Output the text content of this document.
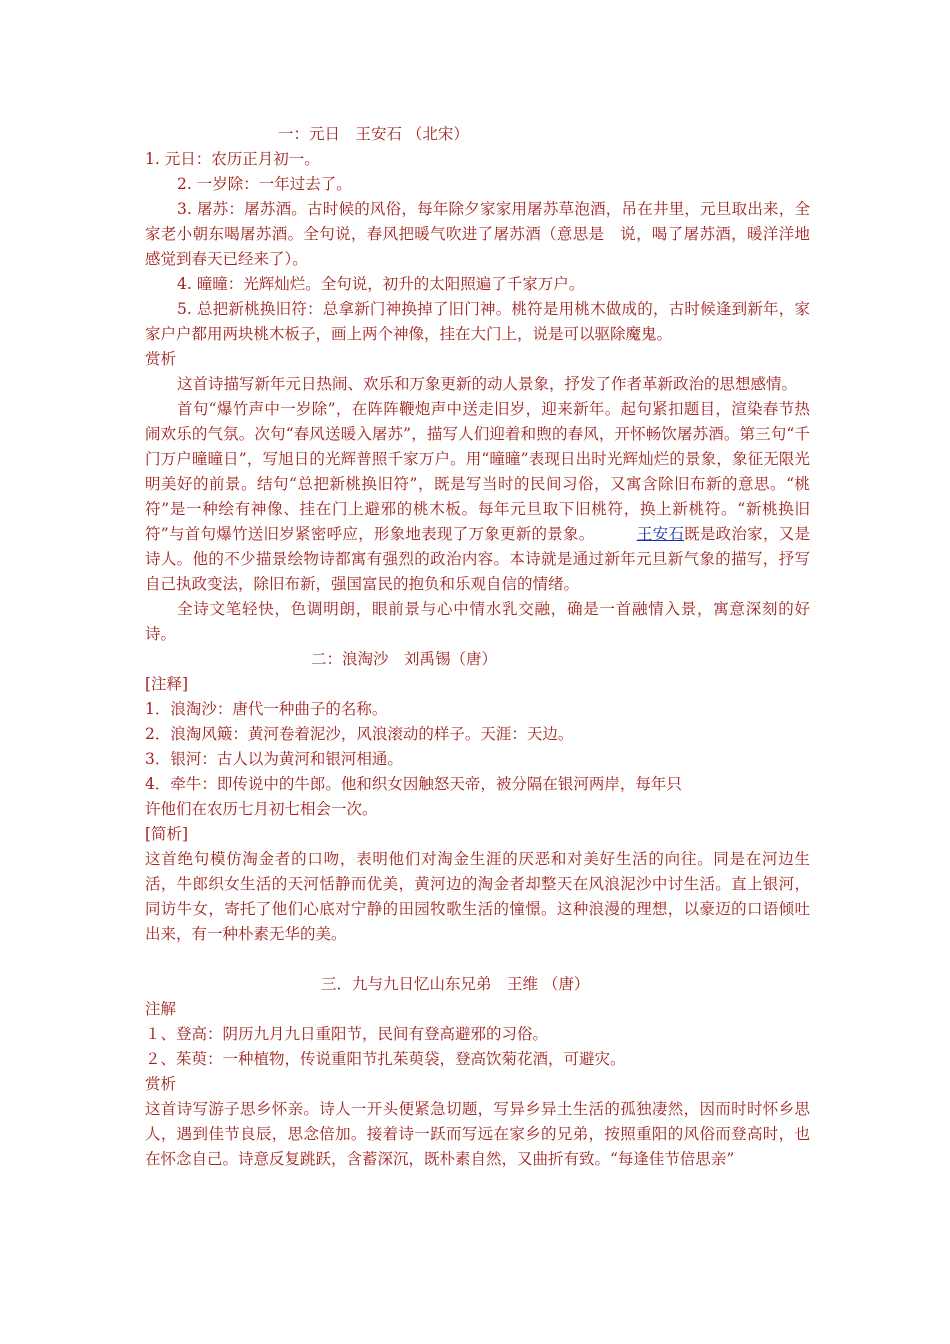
一：元日　王安石 （北宋）

1. 元日：农历正月初一。

2. 一岁除：一年过去了。

3. 屠苏：屠苏酒。古时候的风俗，每年除夕家家用屠苏草泡酒，吊在井里，元旦取出来，全家老小朝东喝屠苏酒。全句说，春风把暖气吹进了屠苏酒（意思是　说，喝了屠苏酒，暖洋洋地感觉到春天已经来了）。

4. 曈曈：光辉灿烂。全句说，初升的太阳照遍了千家万户。

5. 总把新桃换旧符：总拿新门神换掉了旧门神。桃符是用桃木做成的，古时候逢到新年，家家户户都用两块桃木板子，画上两个神像，挂在大门上，说是可以驱除魔鬼。

赏析

这首诗描写新年元日热闹、欢乐和万象更新的动人景象，抒发了作者革新政治的思想感情。

首句“爆竹声中一岁除”，在阵阵鞭炮声中送走旧岁，迎来新年。起句紧扣题目，渲染春节热闹欢乐的气氛。次句“春风送暖入屠苏”，描写人们迎着和煦的春风，开怀畅饮屠苏酒。第三句“千门万户曈曈日”，写旭日的光辉普照千家万户。用“曈曈”表现日出时光辉灿烂的景象，象征无限光明美好的前景。结句“总把新桃换旧符”，既是写当时的民间习俗，又寓含除旧布新的意思。“桃符”是一种绘有神像、挂在门上避邪的桃木板。每年元旦取下旧桃符，换上新桃符。“新桃换旧符”与首句爆竹送旧岁紧密呼应，形象地表现了万象更新的景象。	王安石既是政治家，又是诗人。他的不少描景绘物诗都寓有强烈的政治内容。本诗就是通过新年元旦新气象的描写，抒写自己执政变法，除旧布新，强国富民的抱负和乐观自信的情绪。

全诗文笔轻快，色调明朗，眼前景与心中情水乳交融，确是一首融情入景，寓意深刻的好诗。

二：浪淘沙　刘禹锡（唐）

[注释]

1．浪淘沙：唐代一种曲子的名称。

2．浪淘风簸：黄河卷着泥沙，风浪滚动的样子。天涯：天边。

3．银河：古人以为黄河和银河相通。

4．牵牛：即传说中的牛郎。他和织女因触怒天帝，被分隔在银河两岸，每年只

许他们在农历七月初七相会一次。

[简析]

这首绝句模仿淘金者的口吻，表明他们对淘金生涯的厌恶和对美好生活的向往。同是在河边生活，牛郎织女生活的天河恬静而优美，黄河边的淘金者却整天在风浪泥沙中讨生活。直上银河，同访牛女，寄托了他们心底对宁静的田园牧歌生活的憧憬。这种浪漫的理想，以豪迈的口语倾吐出来，有一种朴素无华的美。

三．九与九日忆山东兄弟　王维 （唐）

注解

１、登高：阴历九月九日重阳节，民间有登高避邪的习俗。

２、茱萸：一种植物，传说重阳节扎茱萸袋，登高饮菊花酒，可避灾。

赏析

这首诗写游子思乡怀亲。诗人一开头便紧急切题，写异乡异土生活的孤独凄然，因而时时怀乡思人，遇到佳节良辰，思念倍加。接着诗一跃而写远在家乡的兄弟，按照重阳的风俗而登高时，也在怀念自己。诗意反复跳跃，含蓄深沉，既朴素自然，又曲折有致。“每逢佳节倍思亲”
